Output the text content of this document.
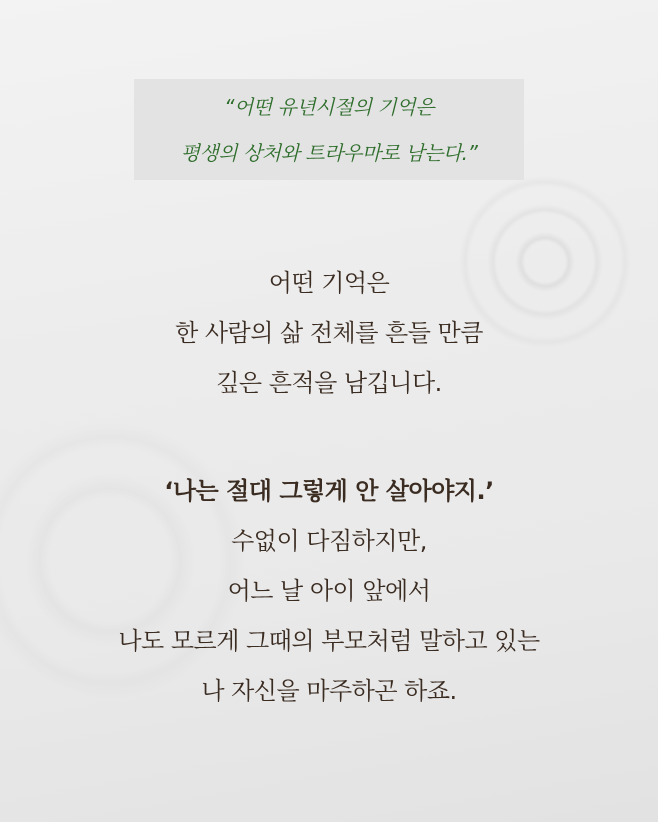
“어떤 유년시절의 기억은
평생의 상처와 트라우마로 남는다.”
어떤 기억은
한 사람의 삶 전체를 흔들 만큼
깊은 흔적을 남깁니다.
‘나는 절대 그렇게 안 살아야지.’
수없이 다짐하지만,
어느 날 아이 앞에서
나도 모르게 그때의 부모처럼 말하고 있는
나 자신을 마주하곤 하죠.
